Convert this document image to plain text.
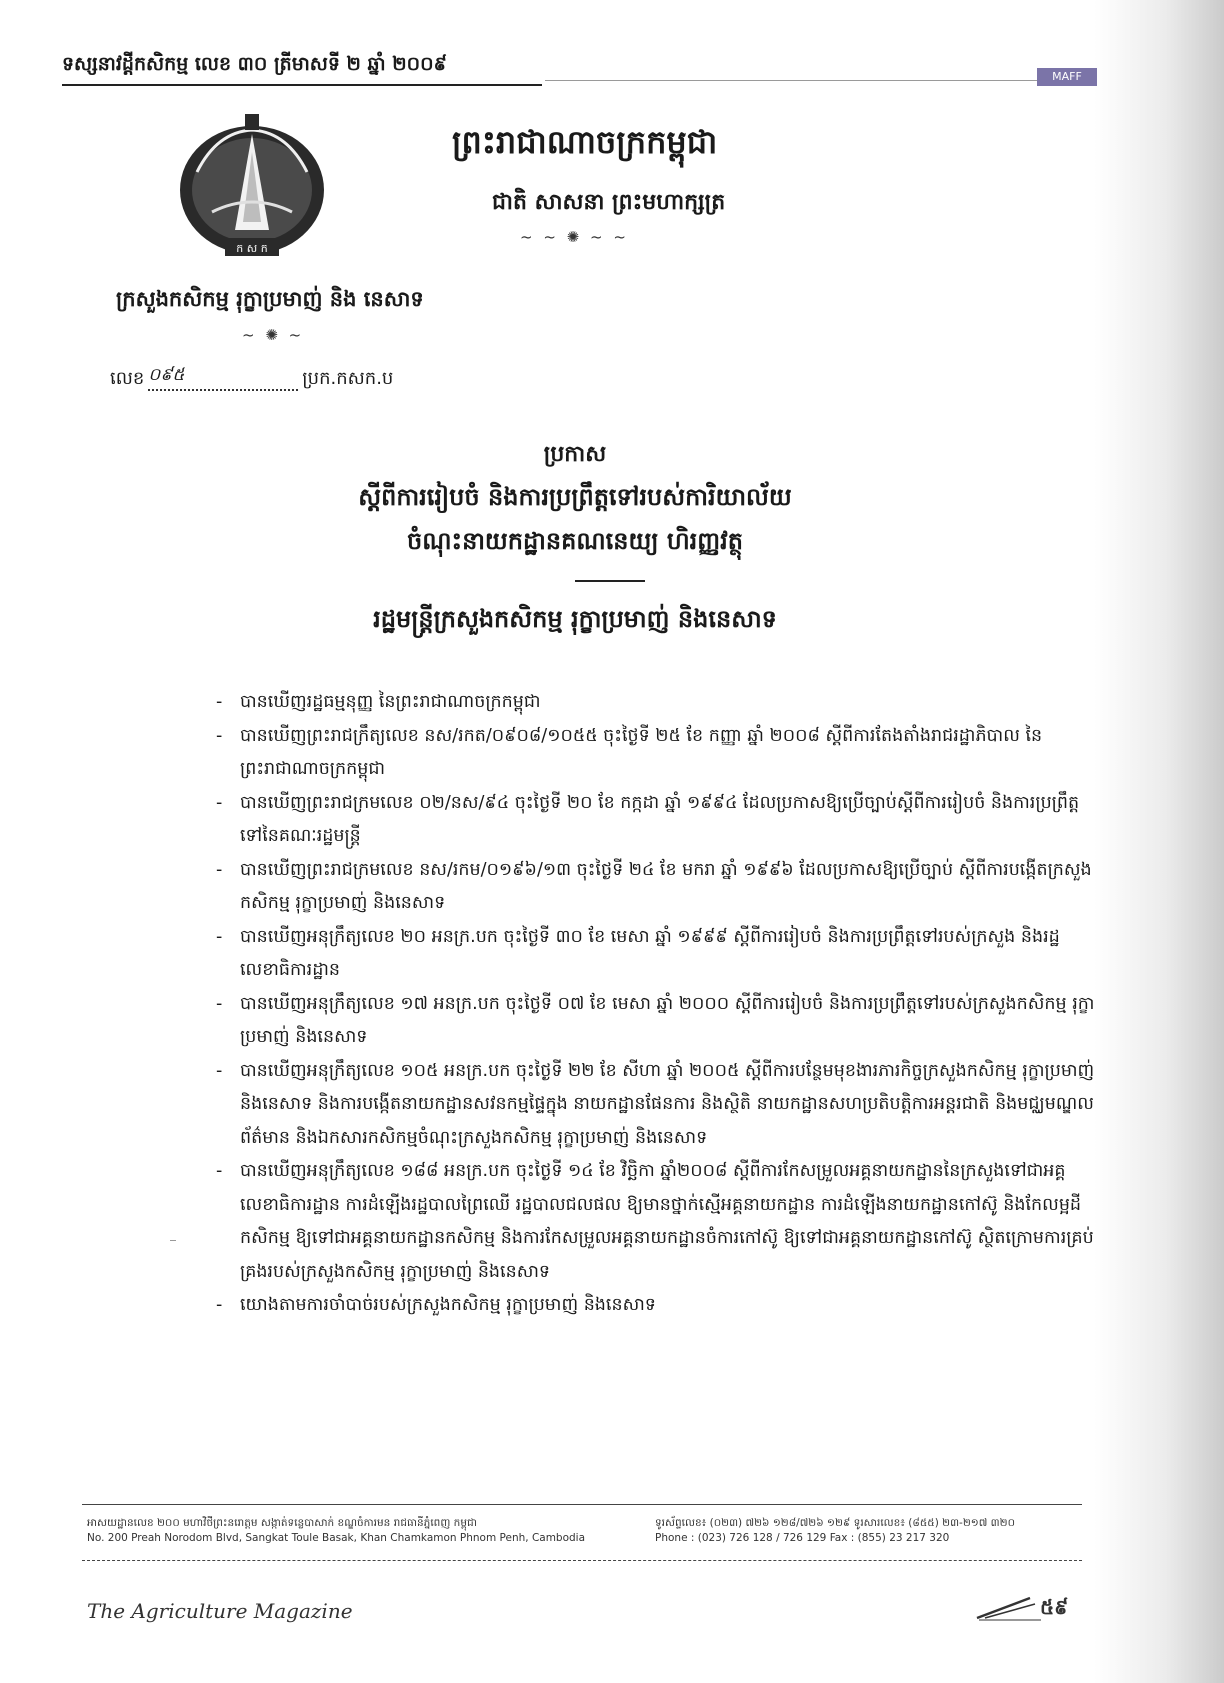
ទស្សនាវដ្ដីកសិកម្ម លេខ ៣០ ត្រីមាសទី ២ ឆ្នាំ ២០០៩
MAFF
ក ស ក
ព្រះរាជាណាចក្រកម្ពុជា
ជាតិ សាសនា ព្រះមហាក្សត្រ
~ ~ ✺ ~ ~
ក្រសួងកសិកម្ម រុក្ខាប្រមាញ់ និង នេសាទ
~ ✺ ~
លេខ ០៩៥	ប្រក.កសក.ប
ប្រកាស
ស្ដីពីការរៀបចំ និងការប្រព្រឹត្តទៅរបស់ការិយាល័យ
ចំណុះនាយកដ្ឋានគណនេយ្យ ហិរញ្ញវត្ថុ
រដ្ឋមន្ត្រីក្រសួងកសិកម្ម រុក្ខាប្រមាញ់ និងនេសាទ
- បានឃើញរដ្ឋធម្មនុញ្ញ នៃព្រះរាជាណាចក្រកម្ពុជា
- បានឃើញព្រះរាជក្រឹត្យលេខ នស/រកត/០៩០៨/១០៥៥ ចុះថ្ងៃទី ២៥ ខែ កញ្ញា ឆ្នាំ ២០០៨ ស្ដីពីការតែងតាំងរាជរដ្ឋាភិបាល នៃព្រះរាជាណាចក្រកម្ពុជា
- បានឃើញព្រះរាជក្រមលេខ ០២/នស/៩៤ ចុះថ្ងៃទី ២០ ខែ កក្កដា ឆ្នាំ ១៩៩៤ ដែលប្រកាសឱ្យប្រើច្បាប់ស្ដីពីការរៀបចំ និងការប្រព្រឹត្តទៅនៃគណៈរដ្ឋមន្ត្រី
- បានឃើញព្រះរាជក្រមលេខ នស/រកម/០១៩៦/១៣ ចុះថ្ងៃទី ២៤ ខែ មករា ឆ្នាំ ១៩៩៦ ដែលប្រកាសឱ្យប្រើច្បាប់ ស្ដីពីការបង្កើតក្រសួងកសិកម្ម រុក្ខាប្រមាញ់ និងនេសាទ
- បានឃើញអនុក្រឹត្យលេខ ២០ អនក្រ.បក ចុះថ្ងៃទី ៣០ ខែ មេសា ឆ្នាំ ១៩៩៩ ស្ដីពីការរៀបចំ និងការប្រព្រឹត្តទៅរបស់ក្រសួង និងរដ្ឋលេខាធិការដ្ឋាន
- បានឃើញអនុក្រឹត្យលេខ ១៧ អនក្រ.បក ចុះថ្ងៃទី ០៧ ខែ មេសា ឆ្នាំ ២០០០ ស្ដីពីការរៀបចំ និងការប្រព្រឹត្តទៅរបស់ក្រសួងកសិកម្ម រុក្ខាប្រមាញ់ និងនេសាទ
- បានឃើញអនុក្រឹត្យលេខ ១០៥ អនក្រ.បក ចុះថ្ងៃទី ២២ ខែ សីហា ឆ្នាំ ២០០៥ ស្ដីពីការបន្ថែមមុខងារភារកិច្ចក្រសួងកសិកម្ម រុក្ខាប្រមាញ់ និងនេសាទ និងការបង្កើតនាយកដ្ឋានសវនកម្មផ្ទៃក្នុង នាយកដ្ឋានផែនការ និងស្ថិតិ នាយកដ្ឋានសហប្រតិបត្តិការអន្តរជាតិ និងមជ្ឈមណ្ឌលព័ត៌មាន និងឯកសារកសិកម្មចំណុះក្រសួងកសិកម្ម រុក្ខាប្រមាញ់ និងនេសាទ
- បានឃើញអនុក្រឹត្យលេខ ១៨៨ អនក្រ.បក ចុះថ្ងៃទី ១៤ ខែ វិច្ឆិកា ឆ្នាំ២០០៨ ស្ដីពីការកែសម្រួលអគ្គនាយកដ្ឋាននៃក្រសួងទៅជាអគ្គលេខាធិការដ្ឋាន ការដំឡើងរដ្ឋបាលព្រៃឈើ រដ្ឋបាលជលផល ឱ្យមានថ្នាក់ស្មើអគ្គនាយកដ្ឋាន ការដំឡើងនាយកដ្ឋានកៅស៊ូ និងកែលម្អដីកសិកម្ម ឱ្យទៅជាអគ្គនាយកដ្ឋានកសិកម្ម និងការកែសម្រួលអគ្គនាយកដ្ឋានចំការកៅស៊ូ ឱ្យទៅជាអគ្គនាយកដ្ឋានកៅស៊ូ ស្ថិតក្រោមការគ្រប់គ្រងរបស់ក្រសួងកសិកម្ម រុក្ខាប្រមាញ់ និងនេសាទ
- យោងតាមការចាំបាច់របស់ក្រសួងកសិកម្ម រុក្ខាប្រមាញ់ និងនេសាទ
អាសយដ្ឋានលេខ ២០០ មហាវិថីព្រះនរោត្តម សង្កាត់ទន្លេបាសាក់ ខណ្ឌចំការមន រាជធានីភ្នំពេញ កម្ពុជា
No. 200 Preah Norodom Blvd, Sangkat Toule Basak, Khan Chamkamon Phnom Penh, Cambodia
ទូរស័ព្ទលេខ៖ (០២៣) ៧២៦ ១២៨/៧២៦ ១២៩ ទូរសារលេខ៖ (៨៥៥) ២៣-២១៧ ៣២០
Phone : (023) 726 128 / 726 129 Fax : (855) 23 217 320
The Agriculture Magazine	៥៩
